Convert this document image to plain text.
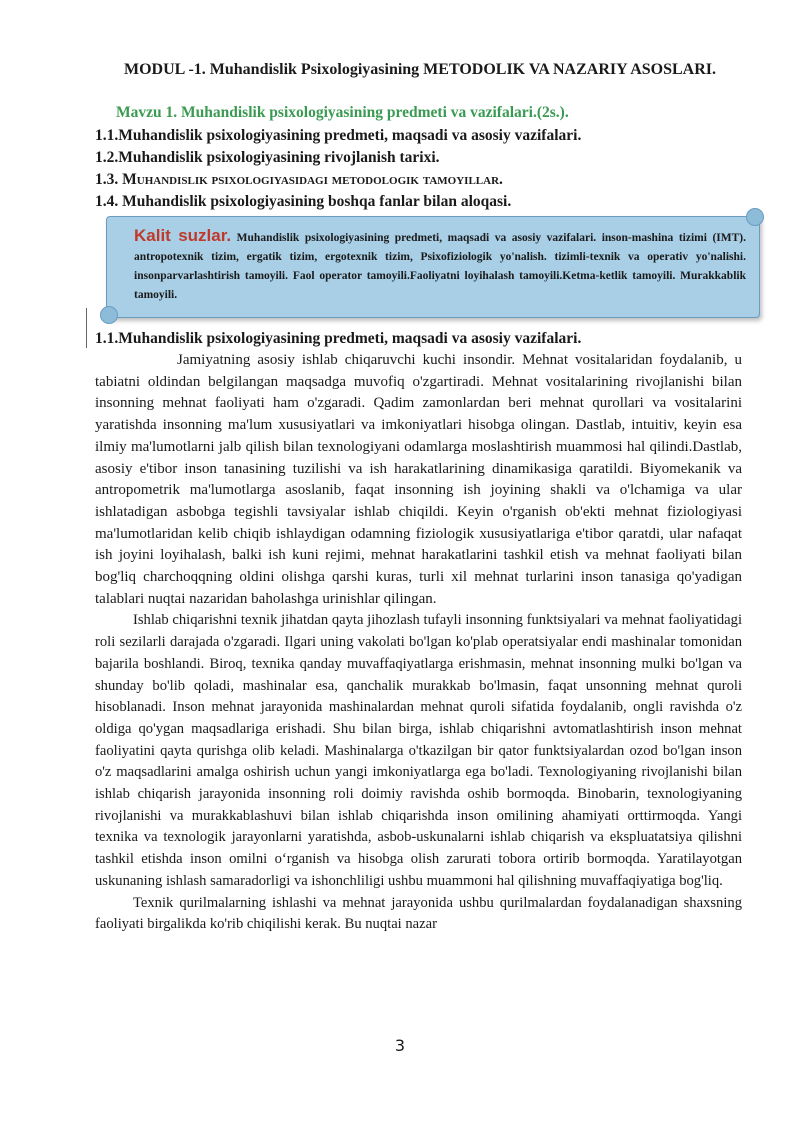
MODUL -1. Muhandislik Psixologiyasining METODOLIK VA NAZARIY ASOSLARI.
Mavzu 1. Muhandislik psixologiyasining predmeti va vazifalari.(2s.).
1.1.Muhandislik psixologiyasining predmeti, maqsadi va asosiy vazifalari.
1.2.Muhandislik psixologiyasining rivojlanish tarixi.
1.3. Muhandislik psixologiyasidagi metodologik tamoyillar.
1.4. Muhandislik psixologiyasining boshqa fanlar bilan aloqasi.
Kalit suzlar. Muhandislik psixologiyasining predmeti, maqsadi va asosiy vazifalari. inson-mashina tizimi (IMT). antropotexnik tizim, ergatik tizim, ergotexnik tizim, Psixofiziologik yo'nalish. tizimli-texnik va operativ yo'nalishi. insonparvarlashtirish tamoyili. Faol operator tamoyili.Faoliyatni loyihalash tamoyili.Ketma-ketlik tamoyili. Murakkablik tamoyili.
1.1.Muhandislik psixologiyasining predmeti, maqsadi va asosiy vazifalari.

Jamiyatning asosiy ishlab chiqaruvchi kuchi insondir. Mehnat vositalaridan foydalanib, u tabiatni oldindan belgilangan maqsadga muvofiq o'zgartiradi. Mehnat vositalarining rivojlanishi bilan insonning mehnat faoliyati ham o'zgaradi. Qadim zamonlardan beri mehnat qurollari va vositalarini yaratishda insonning ma'lum xususiyatlari va imkoniyatlari hisobga olingan. Dastlab, intuitiv, keyin esa ilmiy ma'lumotlarni jalb qilish bilan texnologiyani odamlarga moslashtirish muammosi hal qilindi.Dastlab, asosiy e'tibor inson tanasining tuzilishi va ish harakatlarining dinamikasiga qaratildi. Biyomekanik va antropometrik ma'lumotlarga asoslanib, faqat insonning ish joyining shakli va o'lchamiga va ular ishlatadigan asbobga tegishli tavsiyalar ishlab chiqildi. Keyin o'rganish ob'ekti mehnat fiziologiyasi ma'lumotlaridan kelib chiqib ishlaydigan odamning fiziologik xususiyatlariga e'tibor qaratdi, ular nafaqat ish joyini loyihalash, balki ish kuni rejimi, mehnat harakatlarini tashkil etish va mehnat faoliyati bilan bog'liq charchoqqning oldini olishga qarshi kuras, turli xil mehnat turlarini inson tanasiga qo'yadigan talablari nuqtai nazaridan baholashga urinishlar qilingan.

Ishlab chiqarishni texnik jihatdan qayta jihozlash tufayli insonning funktsiyalari va mehnat faoliyatidagi roli sezilarli darajada o'zgaradi. Ilgari uning vakolati bo'lgan ko'plab operatsiyalar endi mashinalar tomonidan bajarila boshlandi. Biroq, texnika qanday muvaffaqiyatlarga erishmasin, mehnat insonning mulki bo'lgan va shunday bo'lib qoladi, mashinalar esa, qanchalik murakkab bo'lmasin, faqat unsonning mehnat quroli hisoblanadi. Inson mehnat jarayonida mashinalardan mehnat quroli sifatida foydalanib, ongli ravishda o'z oldiga qo'ygan maqsadlariga erishadi. Shu bilan birga, ishlab chiqarishni avtomatlashtirish inson mehnat faoliyatini qayta qurishga olib keladi. Mashinalarga o'tkazilgan bir qator funktsiyalardan ozod bo'lgan inson o'z maqsadlarini amalga oshirish uchun yangi imkoniyatlarga ega bo'ladi. Texnologiyaning rivojlanishi bilan ishlab chiqarish jarayonida insonning roli doimiy ravishda oshib bormoqda. Binobarin, texnologiyaning rivojlanishi va murakkablashuvi bilan ishlab chiqarishda inson omilining ahamiyati orttirmoqda. Yangi texnika va texnologik jarayonlarni yaratishda, asbob-uskunalarni ishlab chiqarish va ekspluatatsiya qilishni tashkil etishda inson omilni o‘rganish va hisobga olish zarurati tobora ortirib bormoqda. Yaratilayotgan uskunaning ishlash samaradorligi va ishonchliligi ushbu muammoni hal qilishning muvaffaqiyatiga bog'liq.

Texnik qurilmalarning ishlashi va mehnat jarayonida ushbu qurilmalardan foydalanadigan shaxsning faoliyati birgalikda ko'rib chiqilishi kerak. Bu nuqtai nazar

3
